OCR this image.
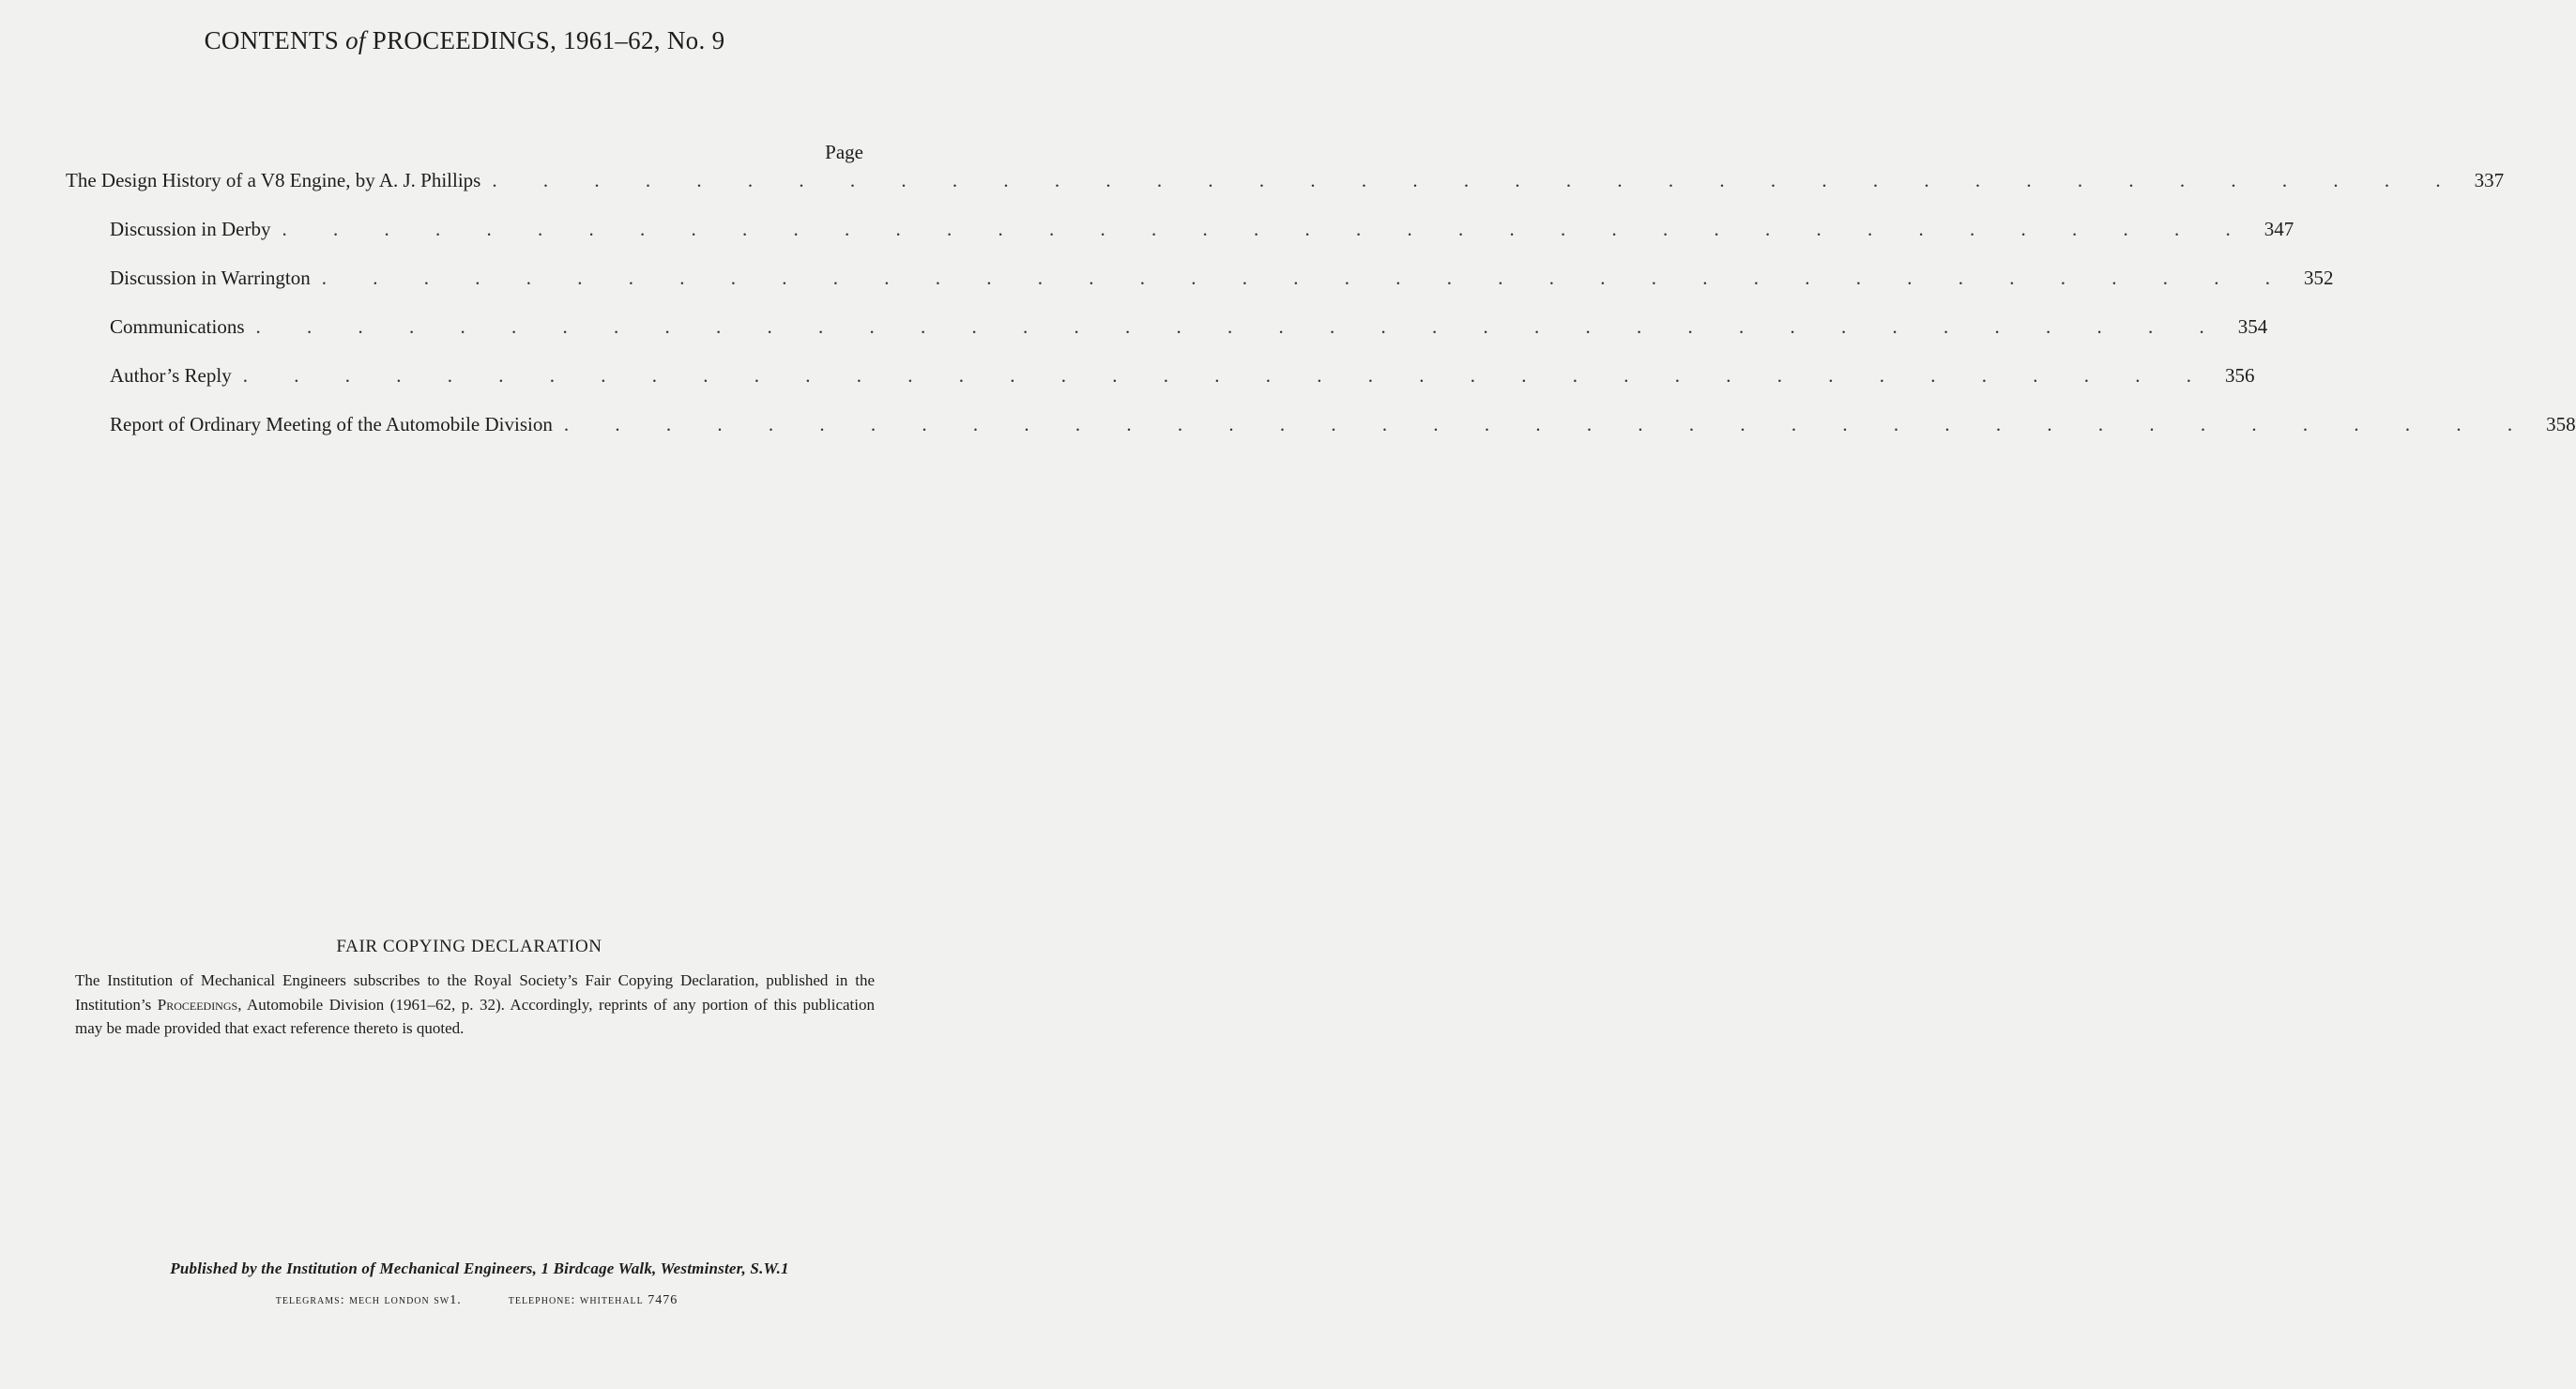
CONTENTS of PROCEEDINGS, 1961–62, No. 9
Page
The Design History of a V8 Engine, by A. J. Phillips . . . . . . . . . . . . . . . . . . . . . . . . . . . . . . . . . . . . . . . 337
Discussion in Derby . . . . . . . . . . . . . . . . . . . . . . . . . . . . . . . . . . . . . . . 347
Discussion in Warrington . . . . . . . . . . . . . . . . . . . . . . . . . . . . . . . . . . . . . . . 352
Communications . . . . . . . . . . . . . . . . . . . . . . . . . . . . . . . . . . . . . . . 354
Author’s Reply . . . . . . . . . . . . . . . . . . . . . . . . . . . . . . . . . . . . . . . 356
Report of Ordinary Meeting of the Automobile Division . . . . . . . . . . . . . . . . . . . . . . . . . . . . . . . . . . . . . . . 358
FAIR COPYING DECLARATION
The Institution of Mechanical Engineers subscribes to the Royal Society’s Fair Copying Declaration, published in the Institution’s Proceedings, Automobile Division (1961–62, p. 32). Accordingly, reprints of any portion of this publication may be made provided that exact reference thereto is quoted.
Published by the Institution of Mechanical Engineers, 1 Birdcage Walk, Westminster, S.W.1
telegrams: mech london sw1.	telephone: whitehall 7476
